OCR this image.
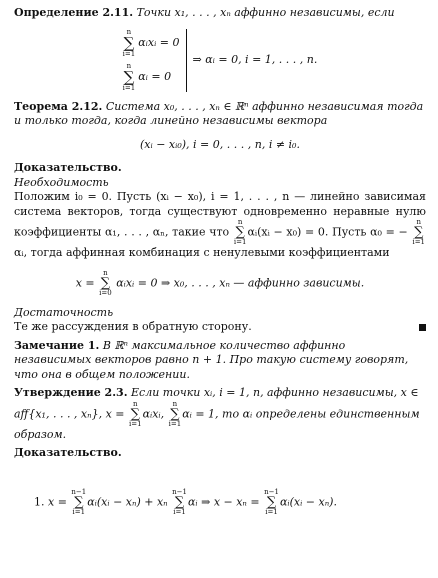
Определение 2.11. Точки x₁, . . . , xₙ аффинно независимы, если

n
∑
i=1
αᵢxᵢ = 0
n
∑
i=1
αᵢ = 0
⇒ αᵢ = 0, i = 1, . . . , n.

Теорема 2.12. Система x₀, . . . , xₙ ∈ ℝⁿ аффинно независимая тогда и только тогда, когда линейно независимы вектора

(xᵢ − xᵢ₀), i = 0, . . . , n, i ≠ i₀.

Доказательство.

Необходимость

Положим i₀ = 0. Пусть (xᵢ − x₀), i = 1, . . . , n — линейно зависимая система векторов, тогда существуют одновременно неравные нулю коэффициенты α₁, . . . , αₙ, такие что
n
∑
i=1
αᵢ(xᵢ − x₀) = 0. Пусть α₀ = −
n
∑
i=1
αᵢ, тогда аффинная комбинация с ненулевыми коэффициентами

x =
n
∑
i=0
αᵢxᵢ = 0 ⇒ x₀, . . . , xₙ — аффинно зависимы.

Достаточность

Те же рассуждения в обратную сторону.

Замечание 1. В ℝⁿ максимальное количество аффинно независимых векторов равно n + 1. Про такую систему говорят, что она в общем положении.

Утверждение 2.3. Если точки xᵢ, i = 1, n, аффинно независимы, x ∈ aff{x₁, . . . , xₙ}, x =
n
∑
i=1
αᵢxᵢ,
n
∑
i=1
αᵢ = 1, то αᵢ определены единственным образом.

Доказательство.

1. x =
n−1
∑
i=1
αᵢ(xᵢ − xₙ) + xₙ
n−1
∑
i=1
αᵢ ⇒ x − xₙ =
n−1
∑
i=1
αᵢ(xᵢ − xₙ).
